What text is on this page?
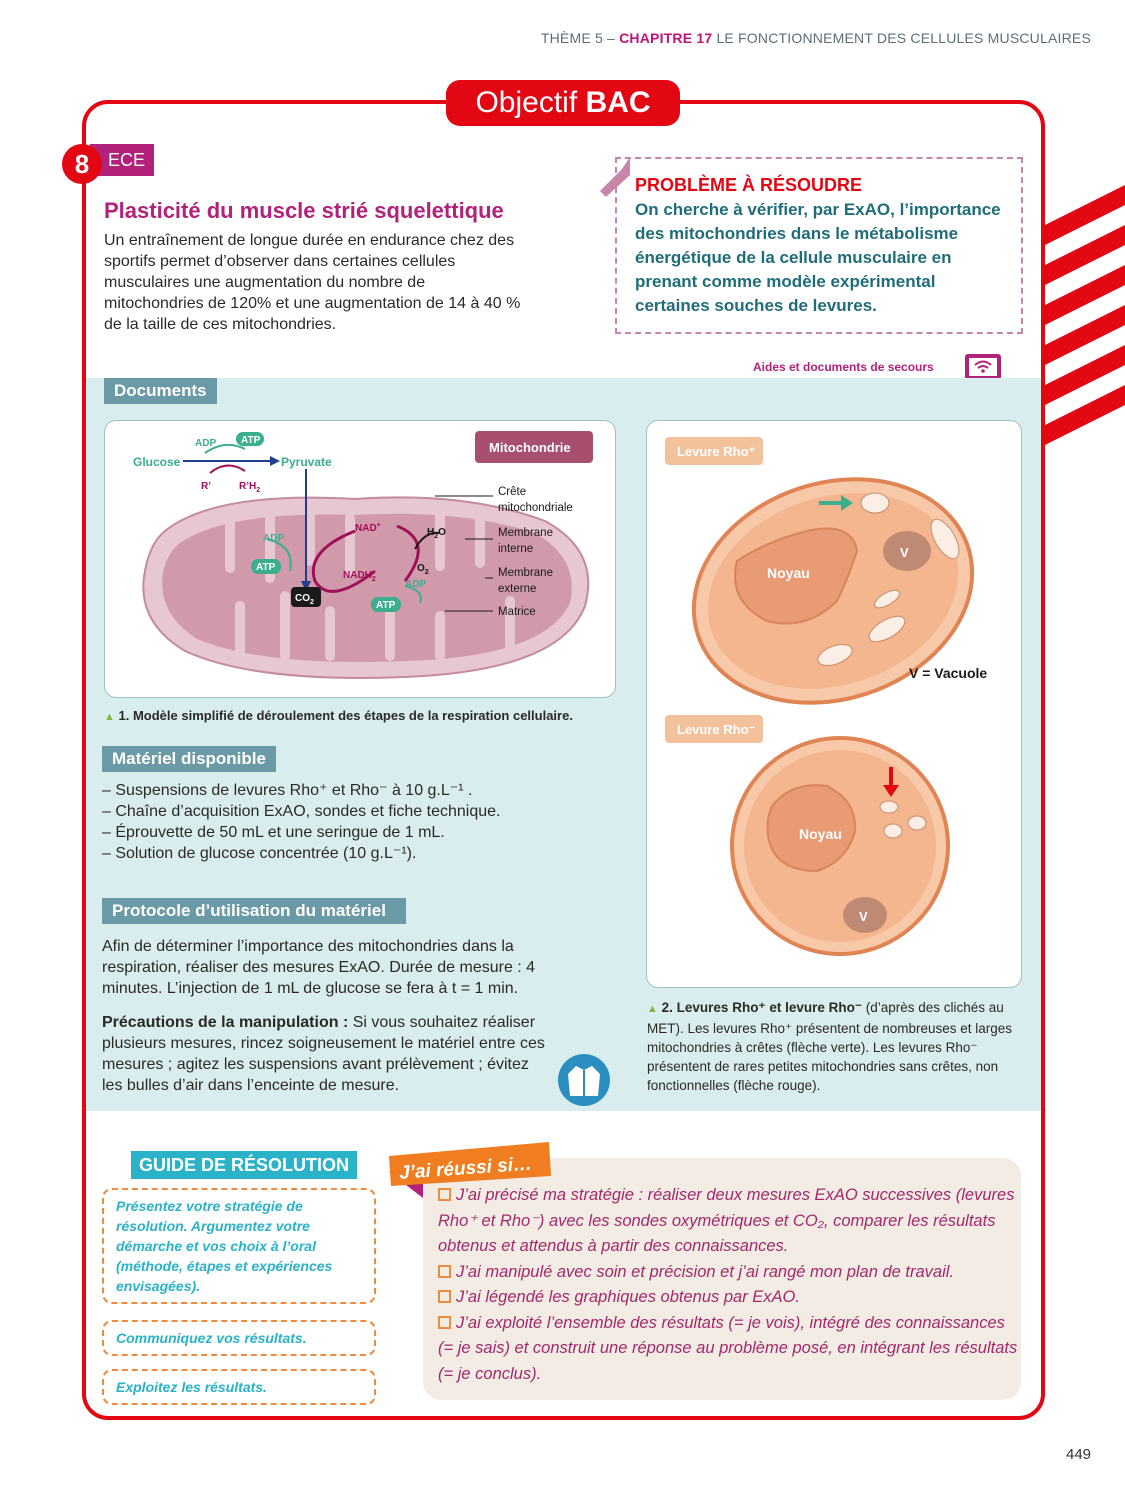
THÈME 5 – CHAPITRE 17 LE FONCTIONNEMENT DES CELLULES MUSCULAIRES
Objectif BAC
8	ECE
Plasticité du muscle strié squelettique
Un entraînement de longue durée en endurance chez des sportifs permet d’observer dans certaines cellules musculaires une augmentation du nombre de mitochondries de 120% et une augmentation de 14 à 40 % de la taille de ces mitochondries.
PROBLÈME À RÉSOUDRE
On cherche à vérifier, par ExAO, l’importance des mitochondries dans le métabolisme énergétique de la cellule musculaire en prenant comme modèle expérimental certaines souches de levures.
Aides et documents de secours
Documents
Glucose	Pyruvate
ADP ATP
R’	$R’H_2$
ADP
ATP
NAD+
$NADH_2$
$H_2O$
$O_2$
ADP
ATP
$CO_2$
Mitochondrie
Crête
mitochondriale
Membrane
interne
Membrane
externe
Matrice
▲ 1. Modèle simplifié de déroulement des étapes de la respiration cellulaire.
Matériel disponible
– Suspensions de levures Rho⁺ et Rho⁻ à 10 g.L⁻¹ .
– Chaîne d’acquisition ExAO, sondes et fiche technique.
– Éprouvette de 50 mL et une seringue de 1 mL.
– Solution de glucose concentrée (10 g.L⁻¹).
Protocole d’utilisation du matériel
Afin de déterminer l’importance des mitochondries dans la respiration, réaliser des mesures ExAO. Durée de mesure : 4 minutes. L’injection de 1 mL de glucose se fera à t = 1 min.
Précautions de la manipulation : Si vous souhaitez réaliser plusieurs mesures, rincez soigneusement le matériel entre ces mesures ; agitez les suspensions avant prélèvement ; évitez les bulles d’air dans l’enceinte de mesure.
Noyau
V
Levure Rho⁺
V = Vacuole
Levure Rho⁻
Noyau
V
▲ 2. Levures Rho⁺ et levure Rho⁻ (d’après des clichés au MET). Les levures Rho⁺ présentent de nombreuses et larges mitochondries à crêtes (flèche verte). Les levures Rho⁻ présentent de rares petites mitochondries sans crêtes, non fonctionnelles (flèche rouge).
GUIDE DE RÉSOLUTION
Présentez votre stratégie de résolution. Argumentez votre démarche et vos choix à l’oral (méthode, étapes et expériences envisagées).
Communiquez vos résultats.
Exploitez les résultats.
J’ai réussi si…
J’ai précisé ma stratégie : réaliser deux mesures ExAO successives (levures Rho⁺ et Rho⁻) avec les sondes oxymétriques et CO₂, comparer les résultats obtenus et attendus à partir des connaissances.
J’ai manipulé avec soin et précision et j’ai rangé mon plan de travail.
J’ai légendé les graphiques obtenus par ExAO.
J’ai exploité l’ensemble des résultats (= je vois), intégré des connaissances (= je sais) et construit une réponse au problème posé, en intégrant les résultats (= je conclus).
449
